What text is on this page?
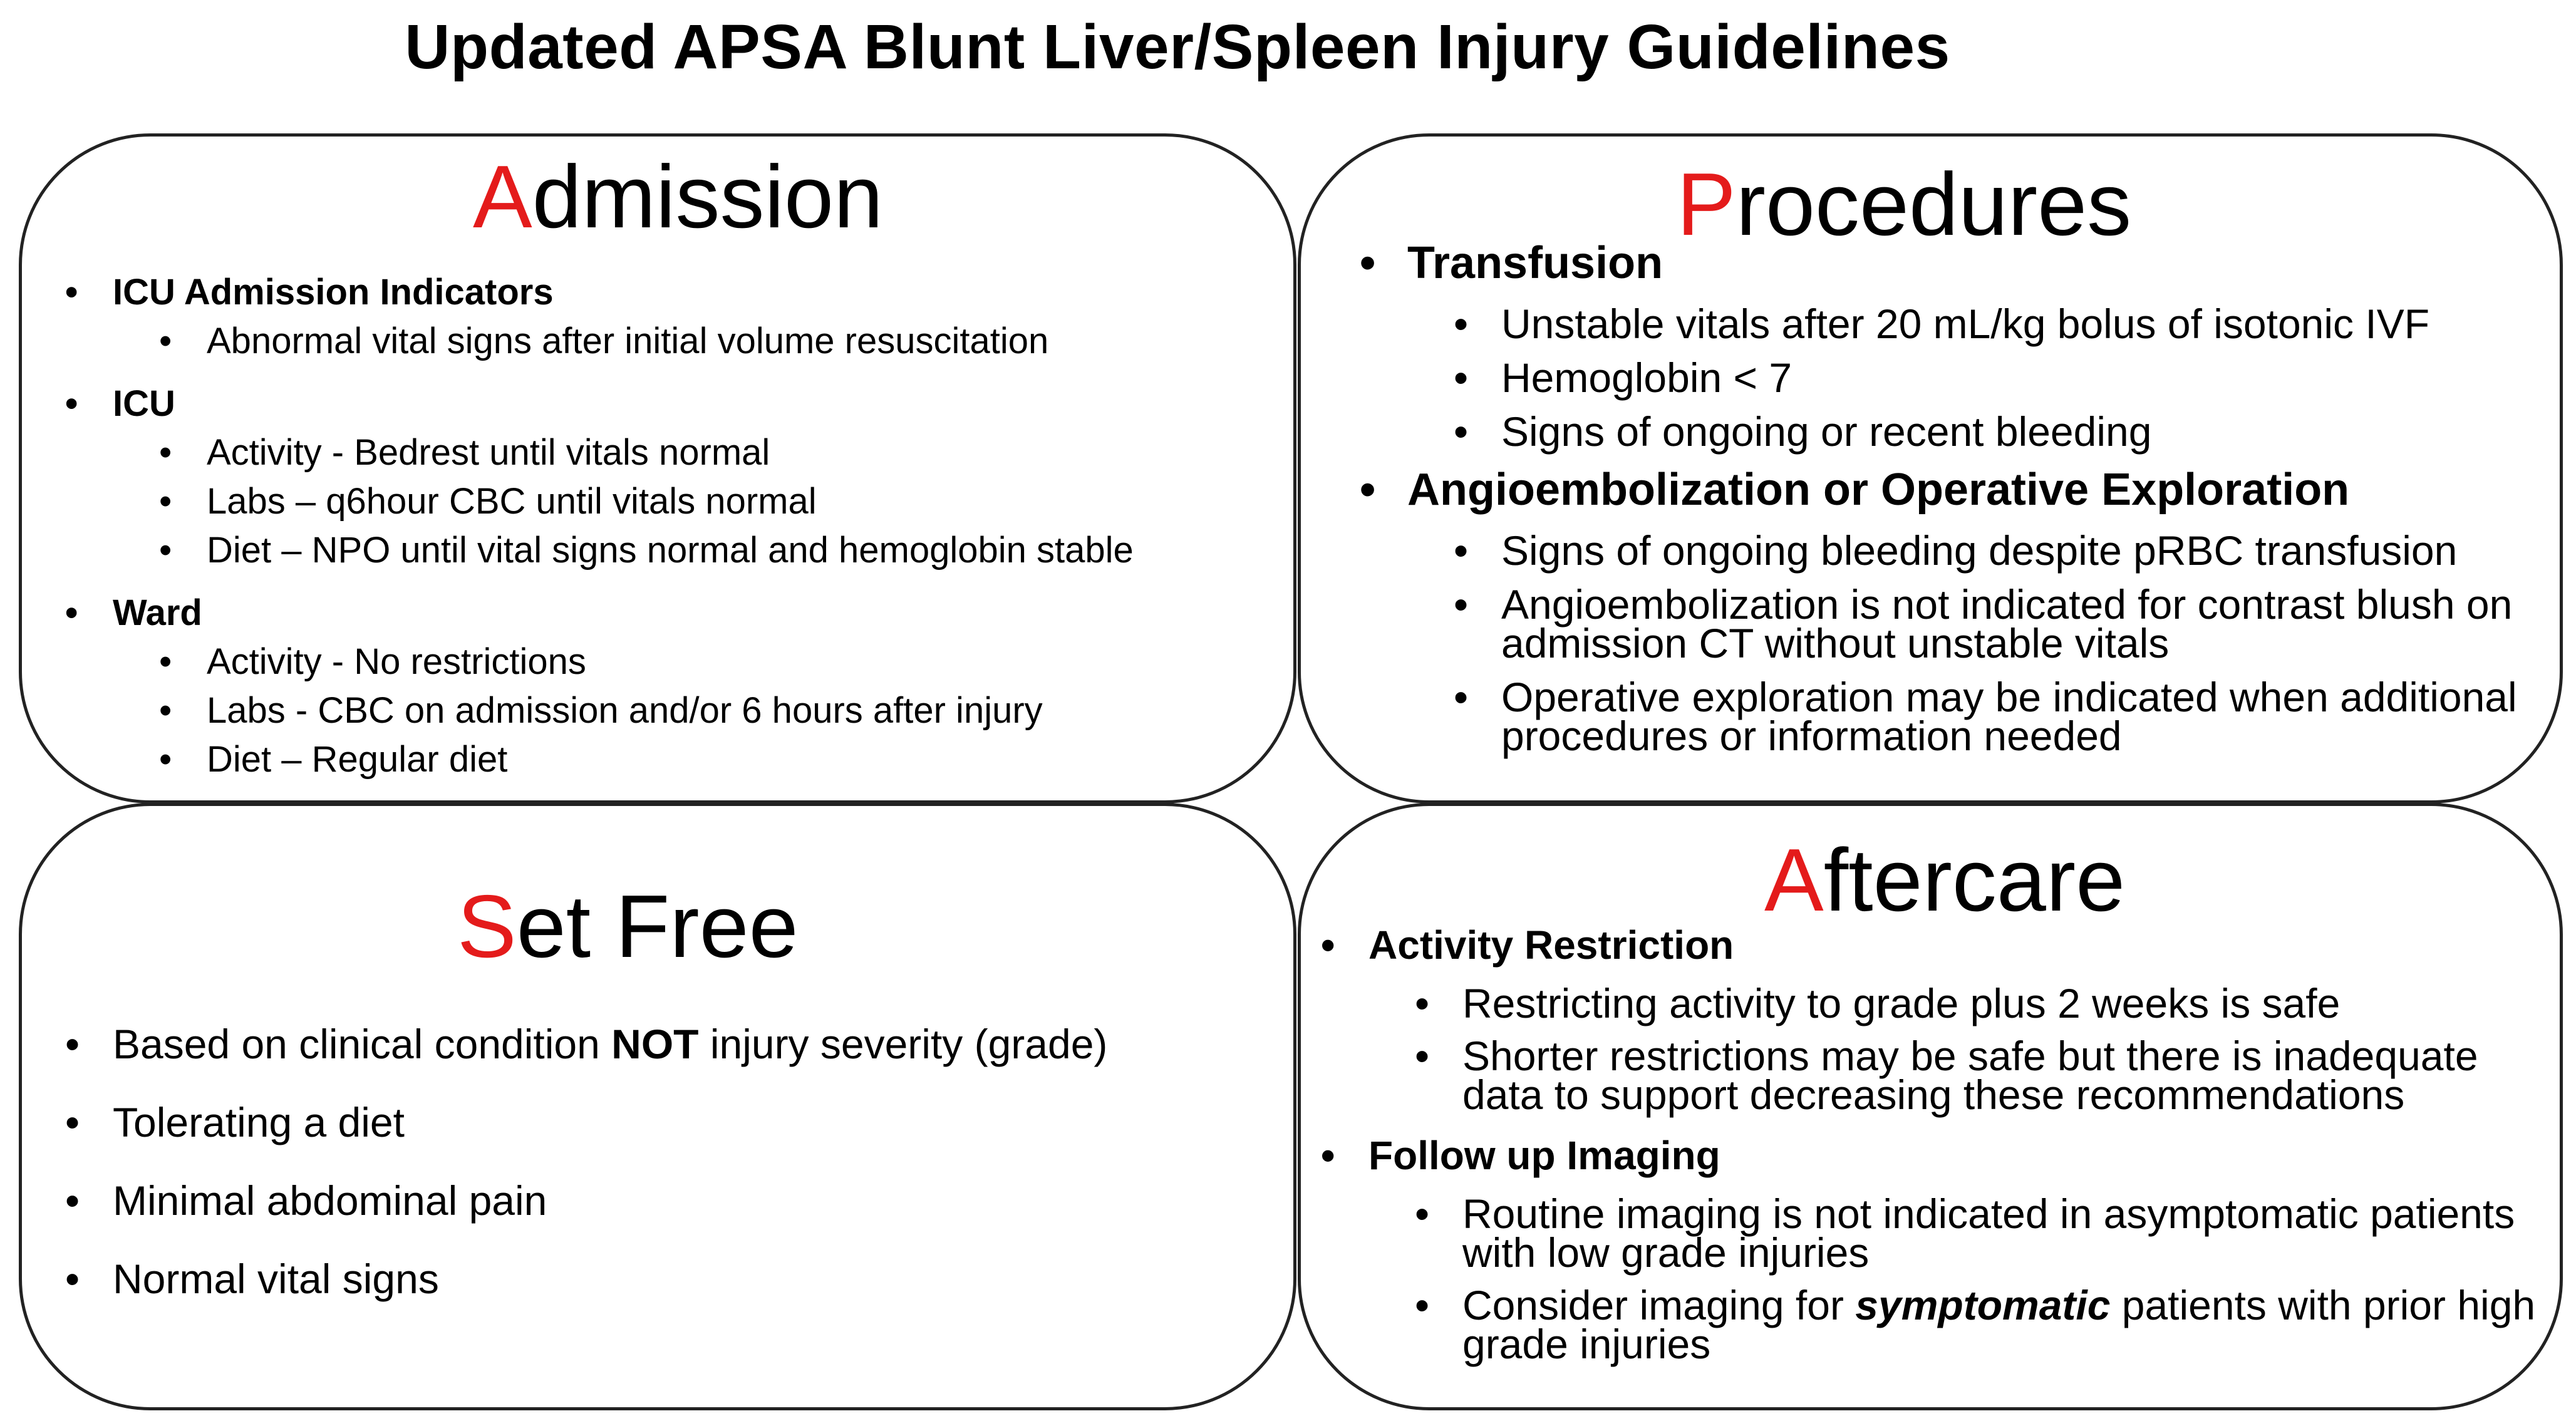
Updated APSA Blunt Liver/Spleen Injury Guidelines
Admission
• ICU Admission Indicators
• Abnormal vital signs after initial volume resuscitation
• ICU
• Activity - Bedrest until vitals normal
• Labs – q6hour CBC until vitals normal
• Diet – NPO until vital signs normal and hemoglobin stable
• Ward
• Activity - No restrictions
• Labs - CBC on admission and/or 6 hours after injury
• Diet – Regular diet
Procedures
• Transfusion
• Unstable vitals after 20 mL/kg bolus of isotonic IVF
• Hemoglobin < 7
• Signs of ongoing or recent bleeding
• Angioembolization or Operative Exploration
• Signs of ongoing bleeding despite pRBC transfusion
• Angioembolization is not indicated for contrast blush on admission CT without unstable vitals
• Operative exploration may be indicated when additional procedures or information needed
Set Free
• Based on clinical condition NOT injury severity (grade)
• Tolerating a diet
• Minimal abdominal pain
• Normal vital signs
Aftercare
• Activity Restriction
• Restricting activity to grade plus 2 weeks is safe
• Shorter restrictions may be safe but there is inadequate data to support decreasing these recommendations
• Follow up Imaging
• Routine imaging is not indicated in asymptomatic patients with low grade injuries
• Consider imaging for symptomatic patients with prior high grade injuries
